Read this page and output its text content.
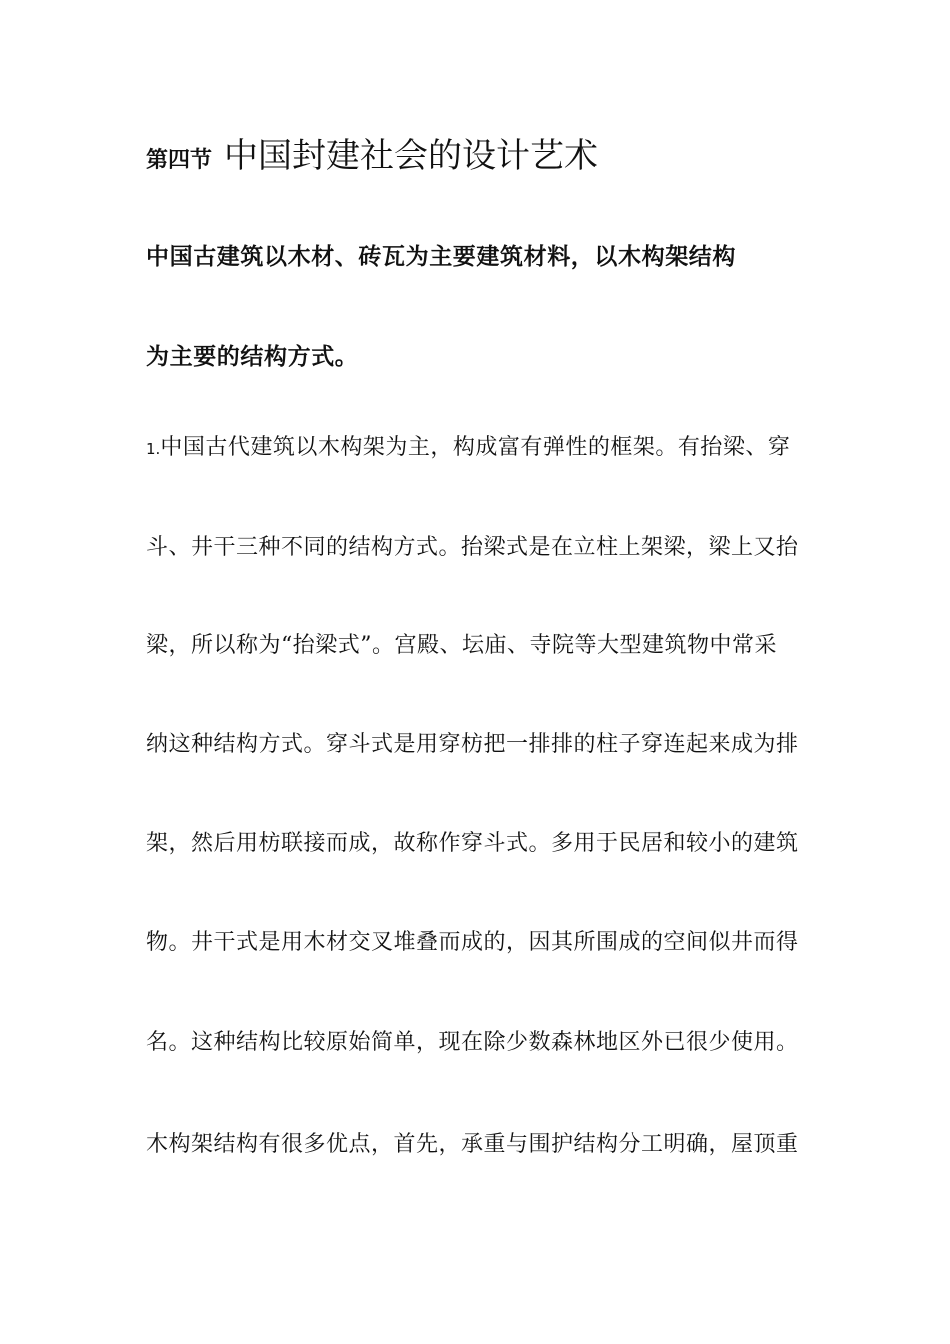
第四节 中国封建社会的设计艺术
中国古建筑以木材、砖瓦为主要建筑材料，以木构架结构
为主要的结构方式。
1.中国古代建筑以木构架为主，构成富有弹性的框架。有抬梁、穿
斗、井干三种不同的结构方式。抬梁式是在立柱上架梁，梁上又抬
梁，所以称为“抬梁式”。宫殿、坛庙、寺院等大型建筑物中常采
纳这种结构方式。穿斗式是用穿枋把一排排的柱子穿连起来成为排
架，然后用枋联接而成，故称作穿斗式。多用于民居和较小的建筑
物。井干式是用木材交叉堆叠而成的，因其所围成的空间似井而得
名。这种结构比较原始简单，现在除少数森林地区外已很少使用。
木构架结构有很多优点，首先，承重与围护结构分工明确，屋顶重
